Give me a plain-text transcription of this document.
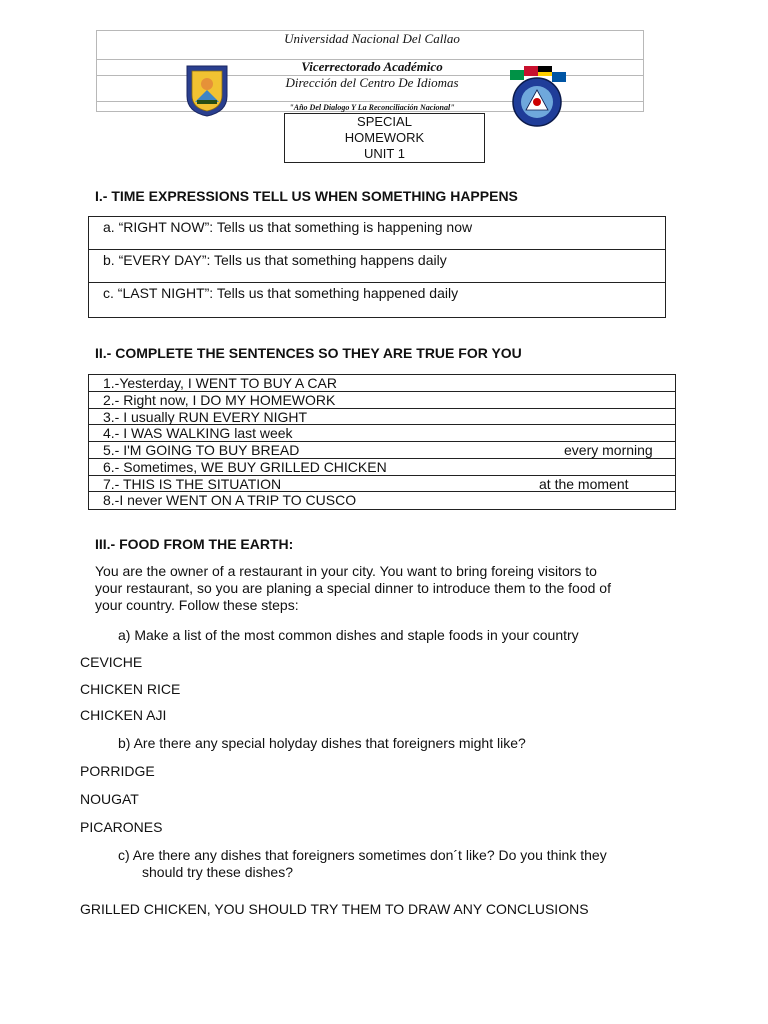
Universidad Nacional Del Callao
Vicerrectorado Académico
Dirección del Centro De Idiomas
"Año Del Dialogo Y La Reconciliación Nacional"
SPECIAL
HOMEWORK
UNIT 1
I.- TIME EXPRESSIONS TELL US WHEN SOMETHING HAPPENS
a. “RIGHT NOW”: Tells us that something is happening now
b. “EVERY DAY”: Tells us that something happens daily
c. “LAST NIGHT”: Tells us that something happened daily
II.- COMPLETE THE SENTENCES SO THEY ARE TRUE FOR YOU
1.-Yesterday, I WENT TO BUY A CAR
2.- Right now, I DO MY HOMEWORK
3.- I usually RUN EVERY NIGHT
4.- I WAS WALKING last week
5.- I'M GOING TO BUY BREAD	every morning
6.- Sometimes, WE BUY GRILLED CHICKEN
7.- THIS IS THE SITUATION	at the moment
8.-I never WENT ON A TRIP TO CUSCO
III.- FOOD FROM THE EARTH:
You are the owner of a restaurant in your city. You want to bring foreing visitors to
your restaurant, so you are planing a special dinner to introduce them to the food of
your country. Follow these steps:
a) Make a list of the most common dishes and staple foods in your country
CEVICHE
CHICKEN RICE
CHICKEN AJI
b) Are there any special holyday dishes that foreigners might like?
PORRIDGE
NOUGAT
PICARONES
c) Are there any dishes that foreigners sometimes don´t like? Do you think they
should try these dishes?
GRILLED CHICKEN, YOU SHOULD TRY THEM TO DRAW ANY CONCLUSIONS
